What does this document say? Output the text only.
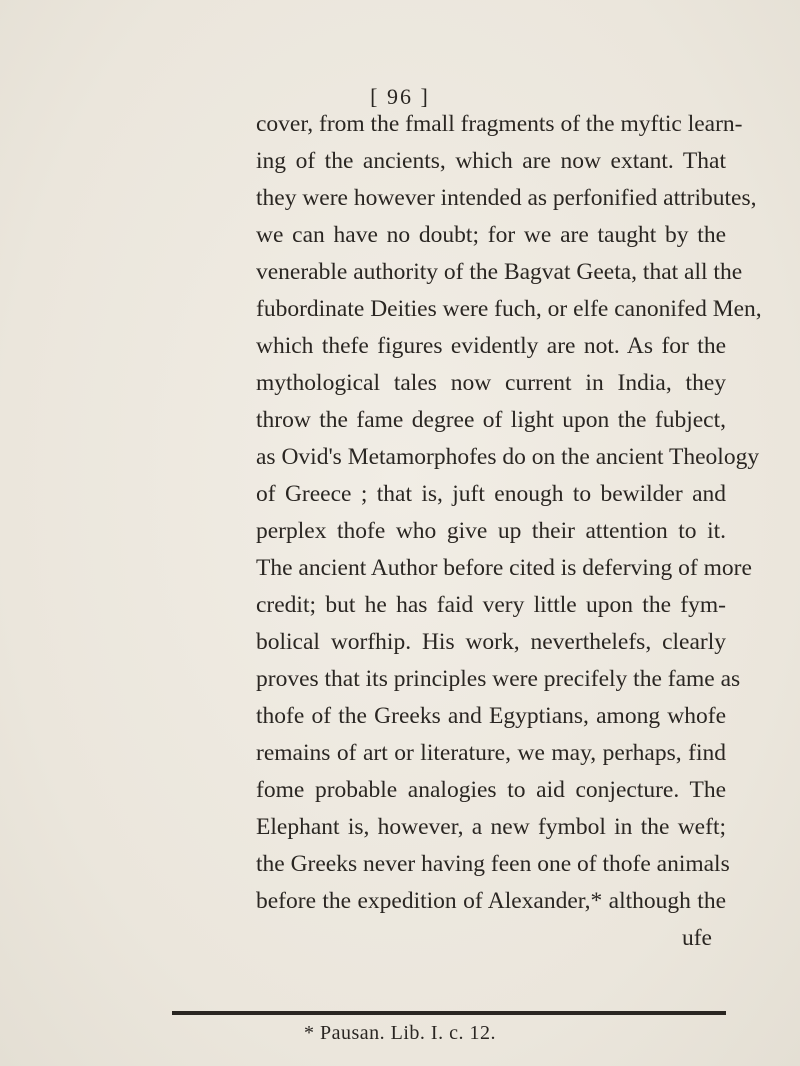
[ 96 ]
cover, from the fmall fragments of the myftic learn-
ing of the ancients, which are now extant. That
they were however intended as perfonified attributes,
we can have no doubt; for we are taught by the
venerable authority of the Bagvat Geeta, that all the
fubordinate Deities were fuch, or elfe canonifed Men,
which thefe figures evidently are not. As for the
mythological tales now current in India, they
throw the fame degree of light upon the fubject,
as Ovid's Metamorphofes do on the ancient Theology
of Greece ; that is, juft enough to bewilder and
perplex thofe who give up their attention to it.
The ancient Author before cited is deferving of more
credit; but he has faid very little upon the fym-
bolical worfhip. His work, neverthelefs, clearly
proves that its principles were precifely the fame as
thofe of the Greeks and Egyptians, among whofe
remains of art or literature, we may, perhaps, find
fome probable analogies to aid conjecture. The
Elephant is, however, a new fymbol in the weft;
the Greeks never having feen one of thofe animals
before the expedition of Alexander,* although the
ufe
* Pausan. Lib. I. c. 12.
